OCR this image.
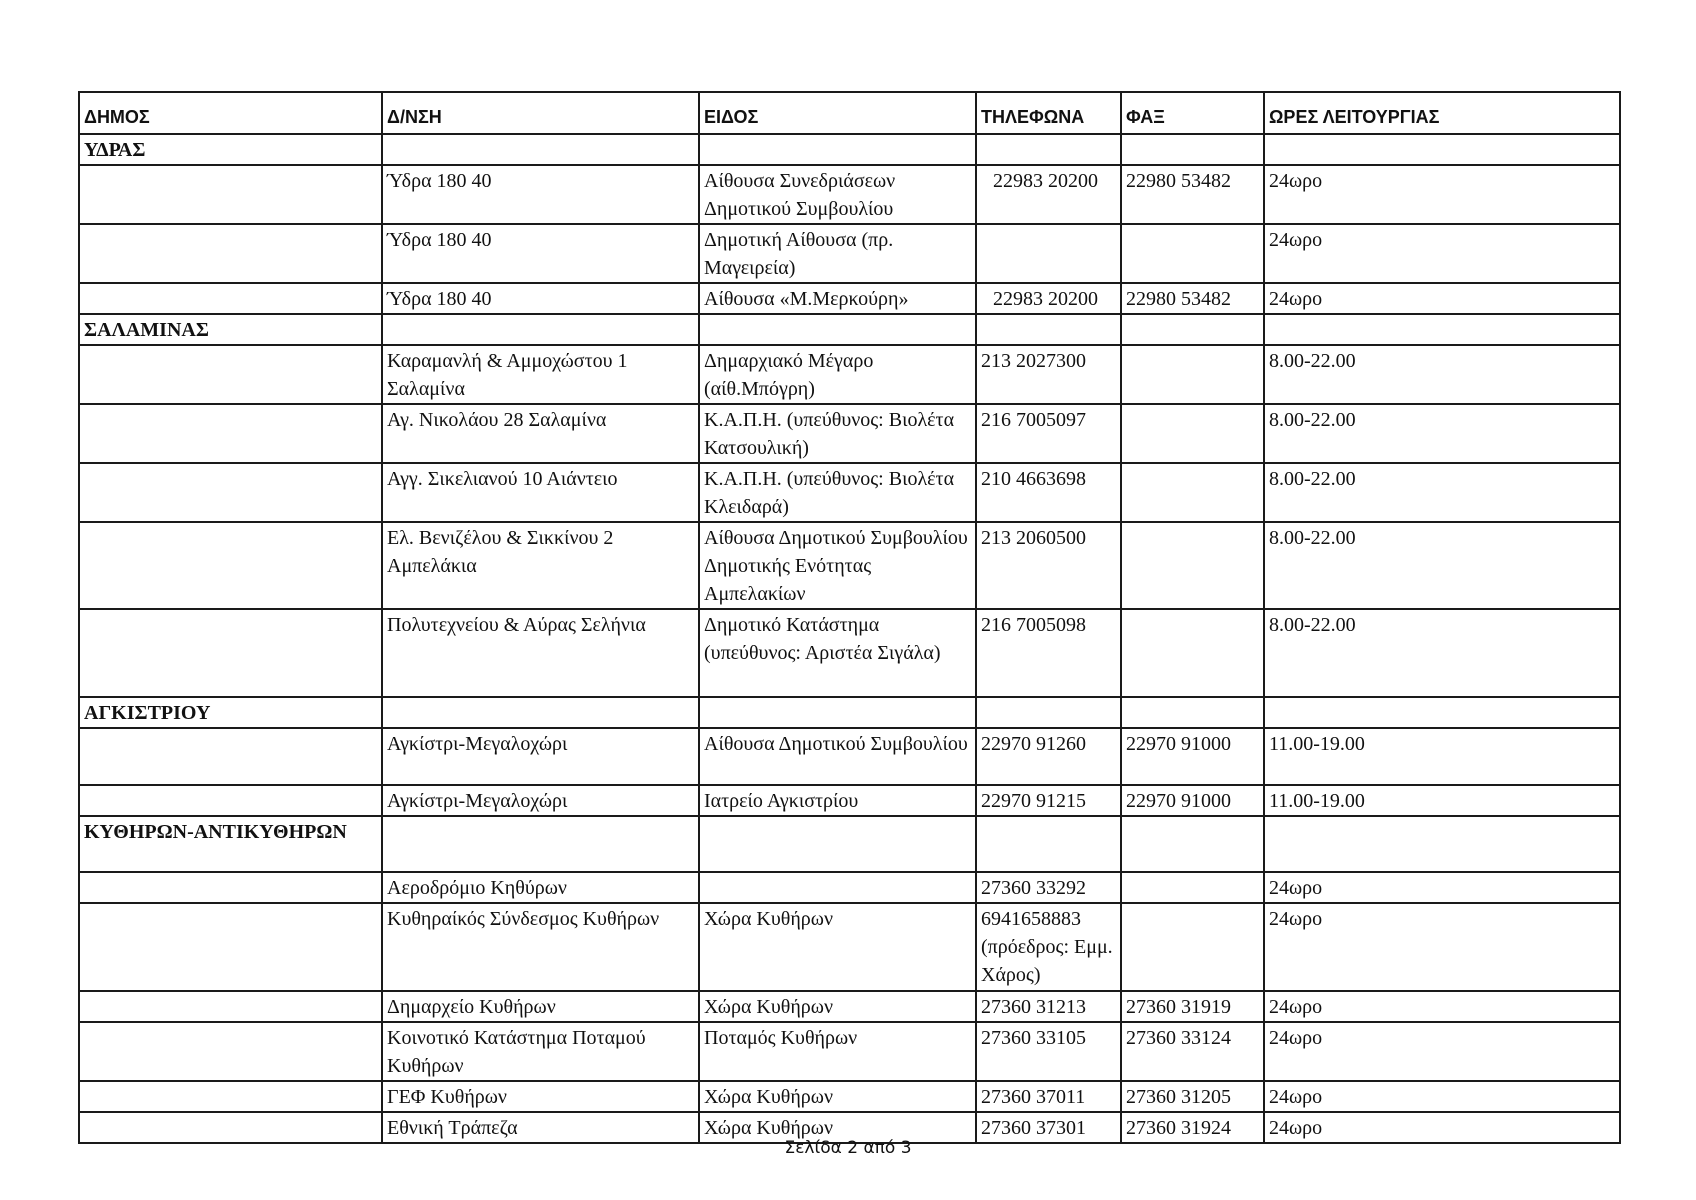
ΔΗΜΟΣ	Δ/ΝΣΗ	ΕΙΔΟΣ	ΤΗΛΕΦΩΝΑ	ΦΑΞ	ΩΡΕΣ ΛΕΙΤΟΥΡΓΙΑΣ
ΥΔΡΑΣ					
	Ύδρα 180 40	Αίθουσα Συνεδριάσεων Δημοτικού Συμβουλίου	22983 20200	22980 53482	24ωρο
	Ύδρα 180 40	Δημοτική Αίθουσα (πρ. Μαγειρεία)			24ωρο
	Ύδρα 180 40	Αίθουσα «Μ.Μερκούρη»	22983 20200	22980 53482	24ωρο
ΣΑΛΑΜΙΝΑΣ					
	Καραμανλή & Αμμοχώστου 1 Σαλαμίνα	Δημαρχιακό Μέγαρο (αίθ.Μπόγρη)	213 2027300		8.00-22.00
	Αγ. Νικολάου 28 Σαλαμίνα	Κ.Α.Π.Η. (υπεύθυνος: Βιολέτα Κατσουλική)	216 7005097		8.00-22.00
	Αγγ. Σικελιανού 10 Αιάντειο	Κ.Α.Π.Η. (υπεύθυνος: Βιολέτα Κλειδαρά)	210 4663698		8.00-22.00
	Ελ. Βενιζέλου & Σικκίνου 2 Αμπελάκια	Αίθουσα Δημοτικού Συμβουλίου Δημοτικής Ενότητας Αμπελακίων	213 2060500		8.00-22.00
	Πολυτεχνείου & Αύρας Σελήνια	Δημοτικό Κατάστημα (υπεύθυνος: Αριστέα Σιγάλα)	216 7005098		8.00-22.00
ΑΓΚΙΣΤΡΙΟΥ					
	Αγκίστρι-Μεγαλοχώρι	Αίθουσα Δημοτικού Συμβουλίου	22970 91260	22970 91000	11.00-19.00
	Αγκίστρι-Μεγαλοχώρι	Ιατρείο Αγκιστρίου	22970 91215	22970 91000	11.00-19.00
ΚΥΘΗΡΩΝ-ΑΝΤΙΚΥΘΗΡΩΝ					
	Αεροδρόμιο Κηθύρων		27360 33292		24ωρο
	Κυθηραίκός Σύνδεσμος Κυθήρων	Χώρα Κυθήρων	6941658883 (πρόεδρος: Εμμ. Χάρος)		24ωρο
	Δημαρχείο Κυθήρων	Χώρα Κυθήρων	27360 31213	27360 31919	24ωρο
	Κοινοτικό Κατάστημα Ποταμού Κυθήρων	Ποταμός Κυθήρων	27360 33105	27360 33124	24ωρο
	ΓΕΦ Κυθήρων	Χώρα Κυθήρων	27360 37011	27360 31205	24ωρο
	Εθνική Τράπεζα	Χώρα Κυθήρων	27360 37301	27360 31924	24ωρο
Σελίδα 2 από 3
